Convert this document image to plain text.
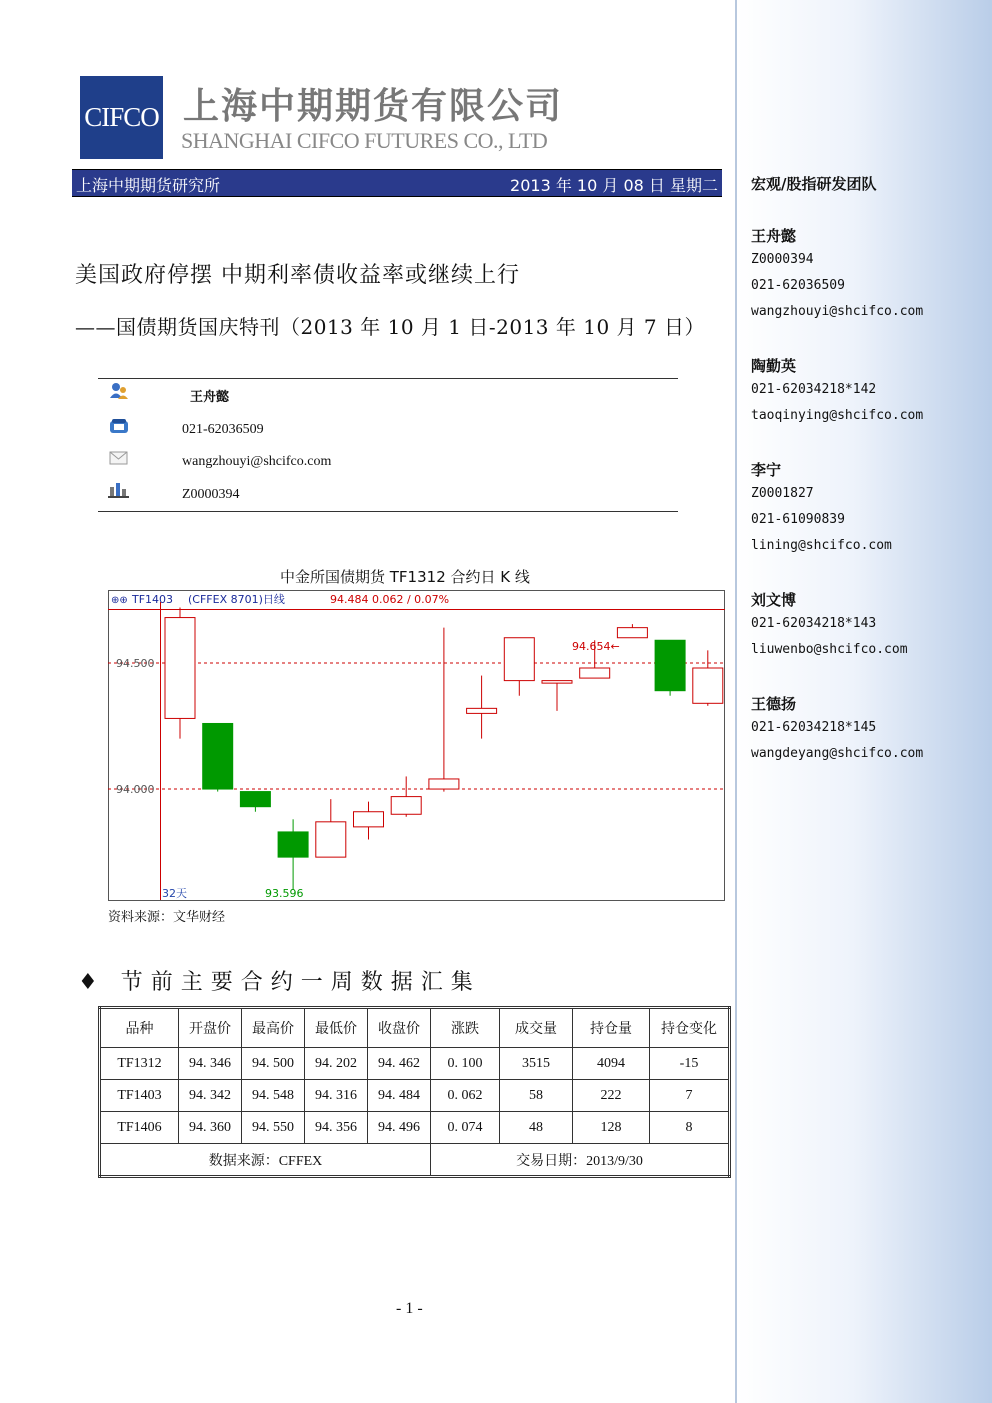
宏观/股指研发团队
王舟懿
Z0000394
021-62036509
wangzhouyi@shcifco.com
陶勤英
021-62034218*142
taoqinying@shcifco.com
李宁
Z0001827
021-61090839
lining@shcifco.com
刘文博
021-62034218*143
liuwenbo@shcifco.com
王德扬
021-62034218*145
wangdeyang@shcifco.com
CIFCO 上海中期期货有限公司
SHANGHAI CIFCO FUTURES CO., LTD
上海中期期货研究所	2013 年 10 月 08 日 星期二
美国政府停摆 中期利率债收益率或继续上行
——国债期货国庆特刊（2013 年 10 月 1 日-2013 年 10 月 7 日）
王舟懿
021-62036509
wangzhouyi@shcifco.com
Z0000394
中金所国债期货 TF1312 合约日 K 线
⊕⊕ TF1403 (CFFEX 8701)日线	94.484 0.062 / 0.07%
94.000
94.500
32天	93.596
94.654←
资料来源：文华财经
♦ 节前主要合约一周数据汇集
品种	开盘价	最高价	最低价	收盘价	涨跌	成交量	持仓量	持仓变化
TF1312	94. 346	94. 500	94. 202	94. 462	0. 100	3515	4094	-15
TF1403	94. 342	94. 548	94. 316	94. 484	0. 062	58	222	7
TF1406	94. 360	94. 550	94. 356	94. 496	0. 074	48	128	8
数据来源：CFFEX					交易日期：2013/9/30			
- 1 -
